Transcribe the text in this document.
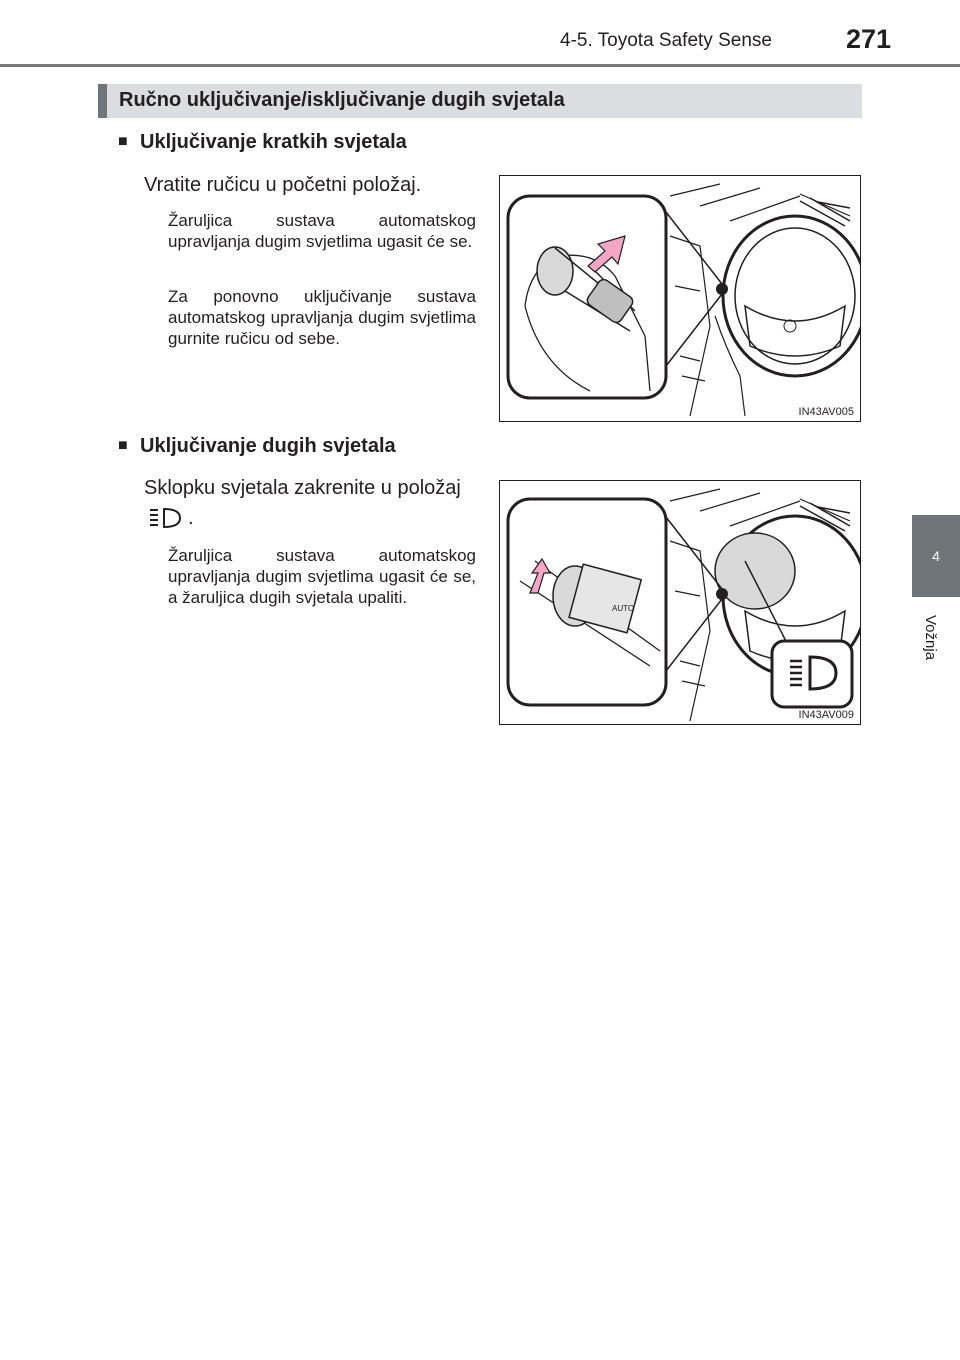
4-5. Toyota Safety Sense	271
4
Vožnja
Ručno uključivanje/isključivanje dugih svjetala
■ Uključivanje kratkih svjetala
Vratite ručicu u početni položaj.

Žaruljica sustava automatskog upravljanja dugim svjetlima ugasit će se.

Za ponovno uključivanje sustava automatskog upravljanja dugim svjetlima gurnite ručicu od sebe.

IN43AV005
■ Uključivanje dugih svjetala
Sklopku svjetala zakrenite u položaj .

Žaruljica sustava automatskog upravljanja dugim svjetlima ugasit će se, a žaruljica dugih svjetala upaliti.

AUTO
IN43AV009
